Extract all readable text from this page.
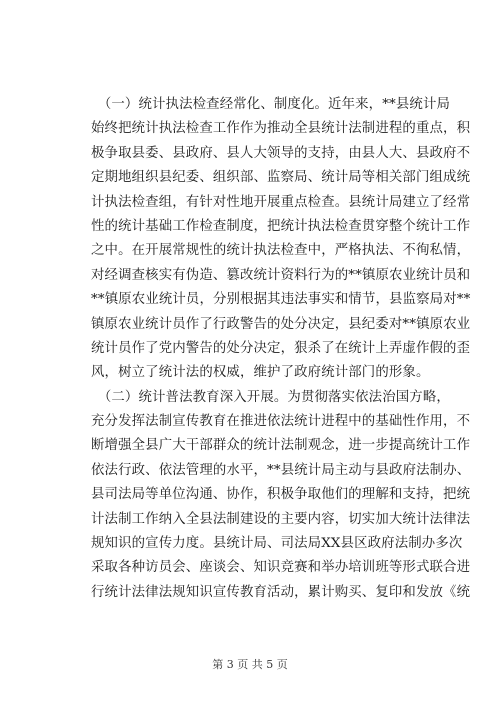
　（一）统计执法检查经常化、制度化。近年来，**县统计局
始终把统计执法检查工作作为推动全县统计法制进程的重点，积
极争取县委、县政府、县人大领导的支持，由县人大、县政府不
定期地组织县纪委、组织部、监察局、统计局等相关部门组成统
计执法检查组，有针对性地开展重点检查。县统计局建立了经常
性的统计基础工作检查制度，把统计执法检查贯穿整个统计工作
之中。在开展常规性的统计执法检查中，严格执法、不徇私情，
对经调查核实有伪造、篡改统计资料行为的**镇原农业统计员和
**镇原农业统计员，分别根据其违法事实和情节，县监察局对**
镇原农业统计员作了行政警告的处分决定，县纪委对**镇原农业
统计员作了党内警告的处分决定，狠杀了在统计上弄虚作假的歪
风，树立了统计法的权威，维护了政府统计部门的形象。
　（二）统计普法教育深入开展。为贯彻落实依法治国方略，
充分发挥法制宣传教育在推进依法统计进程中的基础性作用，不
断增强全县广大干部群众的统计法制观念，进一步提高统计工作
依法行政、依法管理的水平，**县统计局主动与县政府法制办、
县司法局等单位沟通、协作，积极争取他们的理解和支持，把统
计法制工作纳入全县法制建设的主要内容，切实加大统计法律法
规知识的宣传力度。县统计局、司法局XX县区政府法制办多次
采取各种访员会、座谈会、知识竞赛和举办培训班等形式联合进
行统计法律法规知识宣传教育活动，累计购买、复印和发放《统
第 3 页 共 5 页
